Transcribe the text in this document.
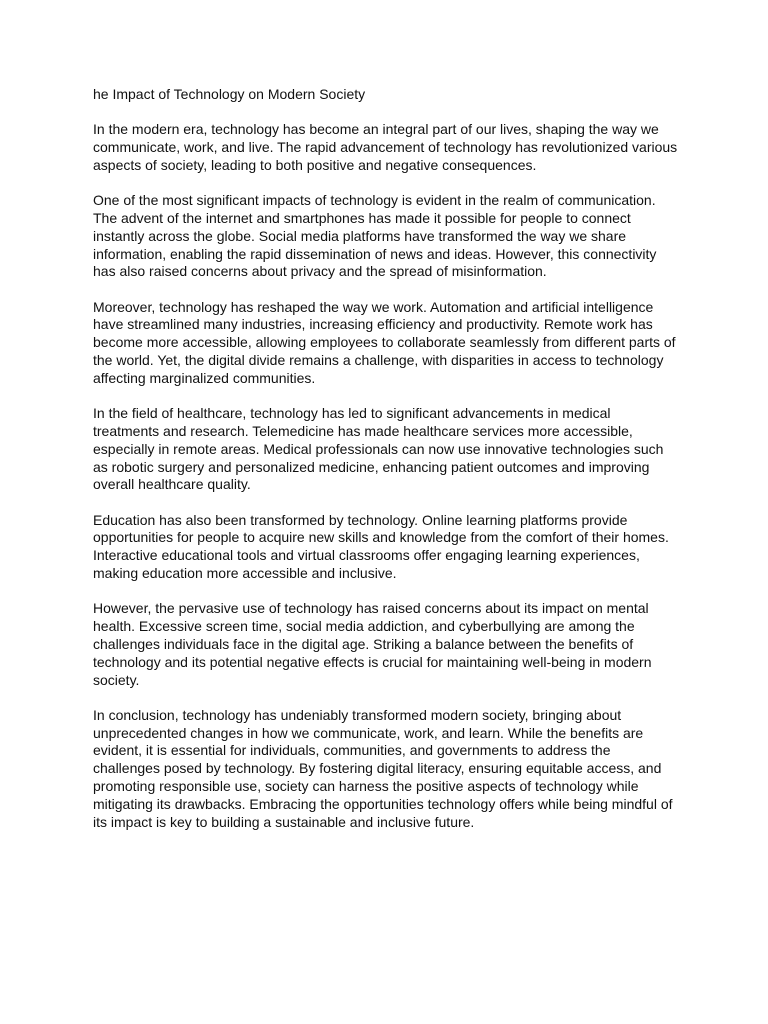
he Impact of Technology on Modern Society

In the modern era, technology has become an integral part of our lives, shaping the way we communicate, work, and live. The rapid advancement of technology has revolutionized various aspects of society, leading to both positive and negative consequences.

One of the most significant impacts of technology is evident in the realm of communication. The advent of the internet and smartphones has made it possible for people to connect instantly across the globe. Social media platforms have transformed the way we share information, enabling the rapid dissemination of news and ideas. However, this connectivity has also raised concerns about privacy and the spread of misinformation.

Moreover, technology has reshaped the way we work. Automation and artificial intelligence have streamlined many industries, increasing efficiency and productivity. Remote work has become more accessible, allowing employees to collaborate seamlessly from different parts of the world. Yet, the digital divide remains a challenge, with disparities in access to technology affecting marginalized communities.

In the field of healthcare, technology has led to significant advancements in medical treatments and research. Telemedicine has made healthcare services more accessible, especially in remote areas. Medical professionals can now use innovative technologies such as robotic surgery and personalized medicine, enhancing patient outcomes and improving overall healthcare quality.

Education has also been transformed by technology. Online learning platforms provide opportunities for people to acquire new skills and knowledge from the comfort of their homes. Interactive educational tools and virtual classrooms offer engaging learning experiences, making education more accessible and inclusive.

However, the pervasive use of technology has raised concerns about its impact on mental health. Excessive screen time, social media addiction, and cyberbullying are among the challenges individuals face in the digital age. Striking a balance between the benefits of technology and its potential negative effects is crucial for maintaining well-being in modern society.

In conclusion, technology has undeniably transformed modern society, bringing about unprecedented changes in how we communicate, work, and learn. While the benefits are evident, it is essential for individuals, communities, and governments to address the challenges posed by technology. By fostering digital literacy, ensuring equitable access, and promoting responsible use, society can harness the positive aspects of technology while mitigating its drawbacks. Embracing the opportunities technology offers while being mindful of its impact is key to building a sustainable and inclusive future.
